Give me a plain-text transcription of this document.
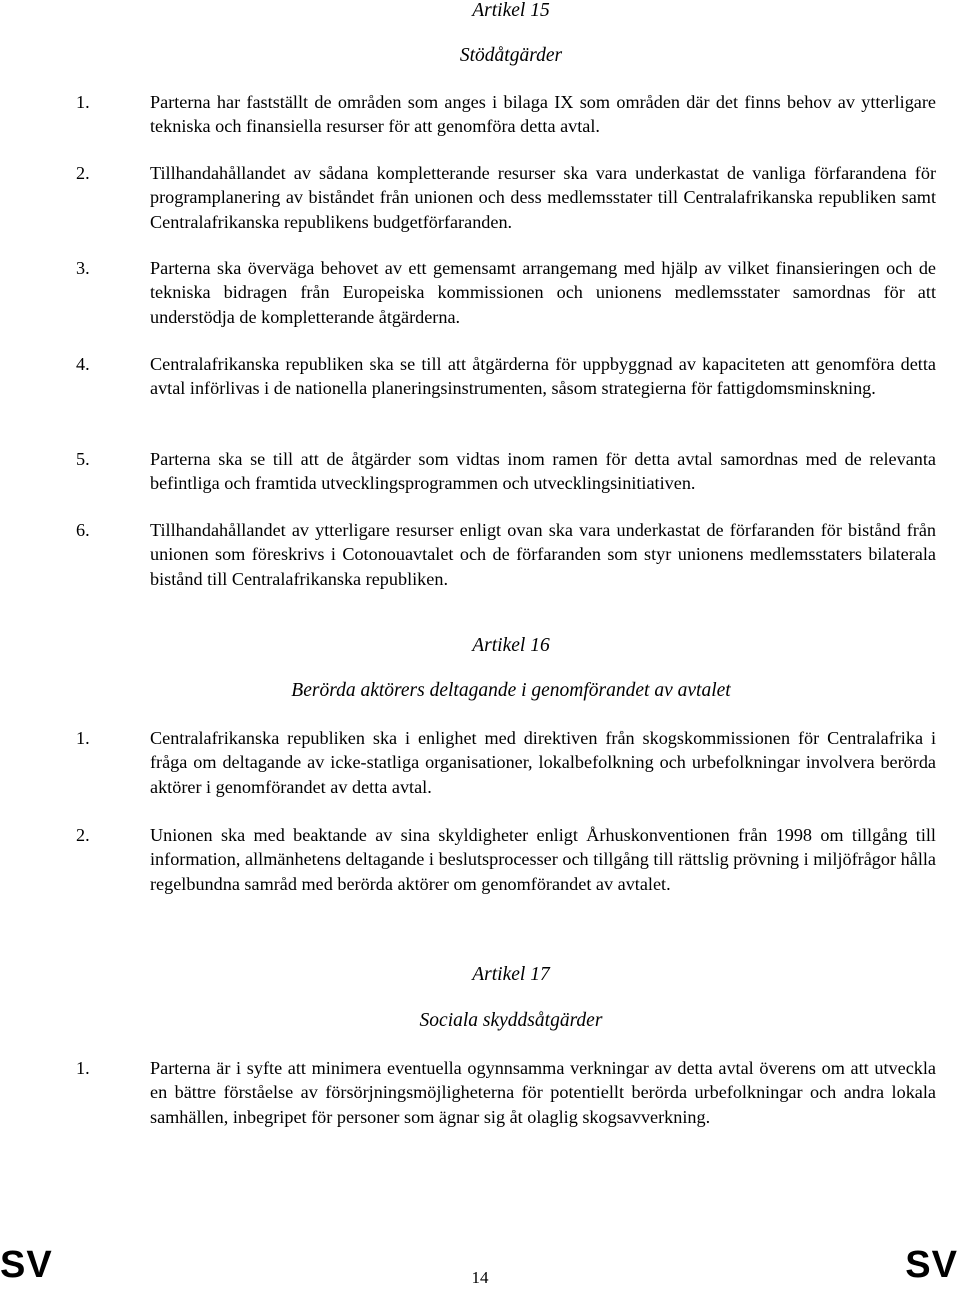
Artikel 15
Stödåtgärder
1.	Parterna har fastställt de områden som anges i bilaga IX som områden där det finns behov av ytterligare tekniska och finansiella resurser för att genomföra detta avtal.
2.	Tillhandahållandet av sådana kompletterande resurser ska vara underkastat de vanliga förfarandena för programplanering av biståndet från unionen och dess medlemsstater till Centralafrikanska republiken samt Centralafrikanska republikens budgetförfaranden.
3.	Parterna ska överväga behovet av ett gemensamt arrangemang med hjälp av vilket finansieringen och de tekniska bidragen från Europeiska kommissionen och unionens medlemsstater samordnas för att understödja de kompletterande åtgärderna.
4.	Centralafrikanska republiken ska se till att åtgärderna för uppbyggnad av kapaciteten att genomföra detta avtal införlivas i de nationella planeringsinstrumenten, såsom strategierna för fattigdomsminskning.
5.	Parterna ska se till att de åtgärder som vidtas inom ramen för detta avtal samordnas med de relevanta befintliga och framtida utvecklingsprogrammen och utvecklingsinitiativen.
6.	Tillhandahållandet av ytterligare resurser enligt ovan ska vara underkastat de förfaranden för bistånd från unionen som föreskrivs i Cotonouavtalet och de förfaranden som styr unionens medlemsstaters bilaterala bistånd till Centralafrikanska republiken.
Artikel 16
Berörda aktörers deltagande i genomförandet av avtalet
1.	Centralafrikanska republiken ska i enlighet med direktiven från skogskommissionen för Centralafrika i fråga om deltagande av icke-statliga organisationer, lokalbefolkning och urbefolkningar involvera berörda aktörer i genomförandet av detta avtal.
2.	Unionen ska med beaktande av sina skyldigheter enligt Århuskonventionen från 1998 om tillgång till information, allmänhetens deltagande i beslutsprocesser och tillgång till rättslig prövning i miljöfrågor hålla regelbundna samråd med berörda aktörer om genomförandet av avtalet.
Artikel 17
Sociala skyddsåtgärder
1.	Parterna är i syfte att minimera eventuella ogynnsamma verkningar av detta avtal överens om att utveckla en bättre förståelse av försörjningsmöjligheterna för potentiellt berörda urbefolkningar och andra lokala samhällen, inbegripet för personer som ägnar sig åt olaglig skogsavverkning.
SV	14	SV
